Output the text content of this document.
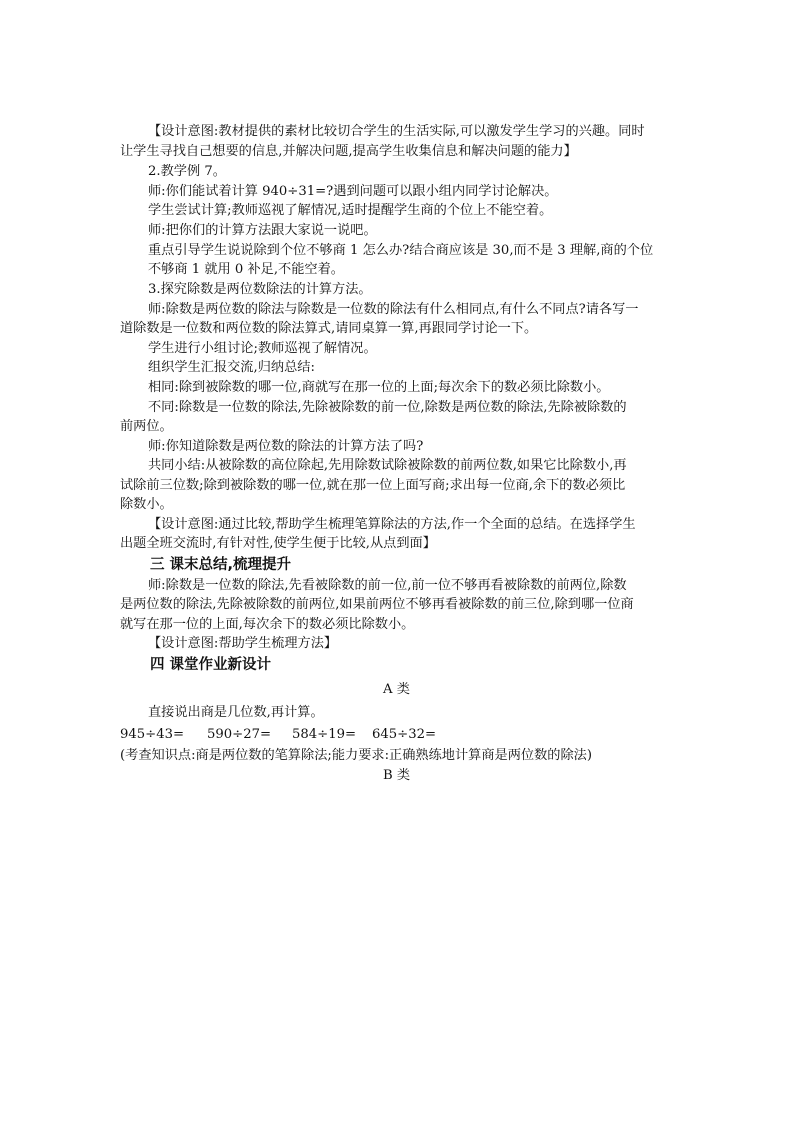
【设计意图:教材提供的素材比较切合学生的生活实际,可以激发学生学习的兴趣。同时
让学生寻找自己想要的信息,并解决问题,提高学生收集信息和解决问题的能力】
2.教学例 7。
师:你们能试着计算 940÷31=?遇到问题可以跟小组内同学讨论解决。
学生尝试计算;教师巡视了解情况,适时提醒学生商的个位上不能空着。
师:把你们的计算方法跟大家说一说吧。
重点引导学生说说除到个位不够商 1 怎么办?结合商应该是 30,而不是 3 理解,商的个位
不够商 1 就用 0 补足,不能空着。
3.探究除数是两位数除法的计算方法。
师:除数是两位数的除法与除数是一位数的除法有什么相同点,有什么不同点?请各写一
道除数是一位数和两位数的除法算式,请同桌算一算,再跟同学讨论一下。
学生进行小组讨论;教师巡视了解情况。
组织学生汇报交流,归纳总结:
相同:除到被除数的哪一位,商就写在那一位的上面;每次余下的数必须比除数小。
不同:除数是一位数的除法,先除被除数的前一位,除数是两位数的除法,先除被除数的
前两位。
师:你知道除数是两位数的除法的计算方法了吗?
共同小结:从被除数的高位除起,先用除数试除被除数的前两位数,如果它比除数小,再
试除前三位数;除到被除数的哪一位,就在那一位上面写商;求出每一位商,余下的数必须比
除数小。
【设计意图:通过比较,帮助学生梳理笔算除法的方法,作一个全面的总结。在选择学生
出题全班交流时,有针对性,使学生便于比较,从点到面】
三 课末总结,梳理提升
师:除数是一位数的除法,先看被除数的前一位,前一位不够再看被除数的前两位,除数
是两位数的除法,先除被除数的前两位,如果前两位不够再看被除数的前三位,除到哪一位商
就写在那一位的上面,每次余下的数必须比除数小。
【设计意图:帮助学生梳理方法】
四 课堂作业新设计
A 类
直接说出商是几位数,再计算。
945÷43= 590÷27= 584÷19= 645÷32=
(考查知识点:商是两位数的笔算除法;能力要求:正确熟练地计算商是两位数的除法)
B 类
